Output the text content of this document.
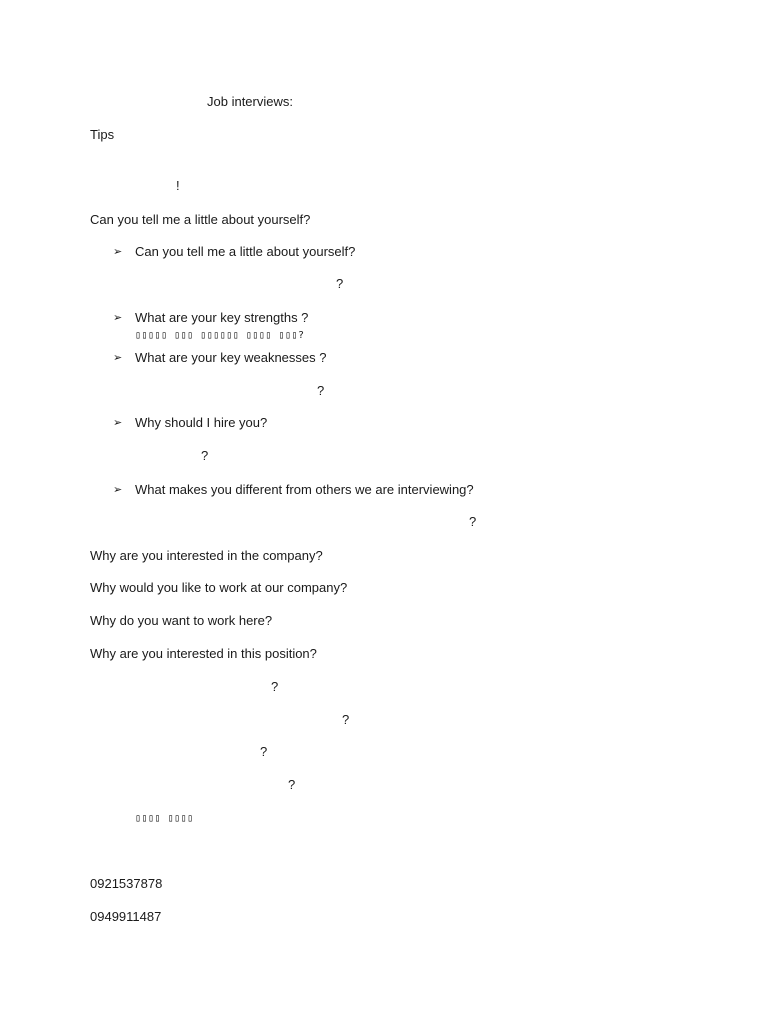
Job interviews:
Tips
!
Can you tell me a little about yourself?
➢ Can you tell me a little about yourself?
?
➢ What are your key strengths ?
▯▯▯▯▯ ▯▯▯ ▯▯▯▯▯▯ ▯▯▯▯ ▯▯▯?
➢ What are your key weaknesses ?
?
➢ Why should I hire you?
?
➢ What makes you different from others we are interviewing?
?
Why are you interested in the company?
Why would you like to work at our company?
Why do you want to work here?
Why are you interested in this position?
?
?
?
?
▯▯▯▯ ▯▯▯▯
0921537878
0949911487
